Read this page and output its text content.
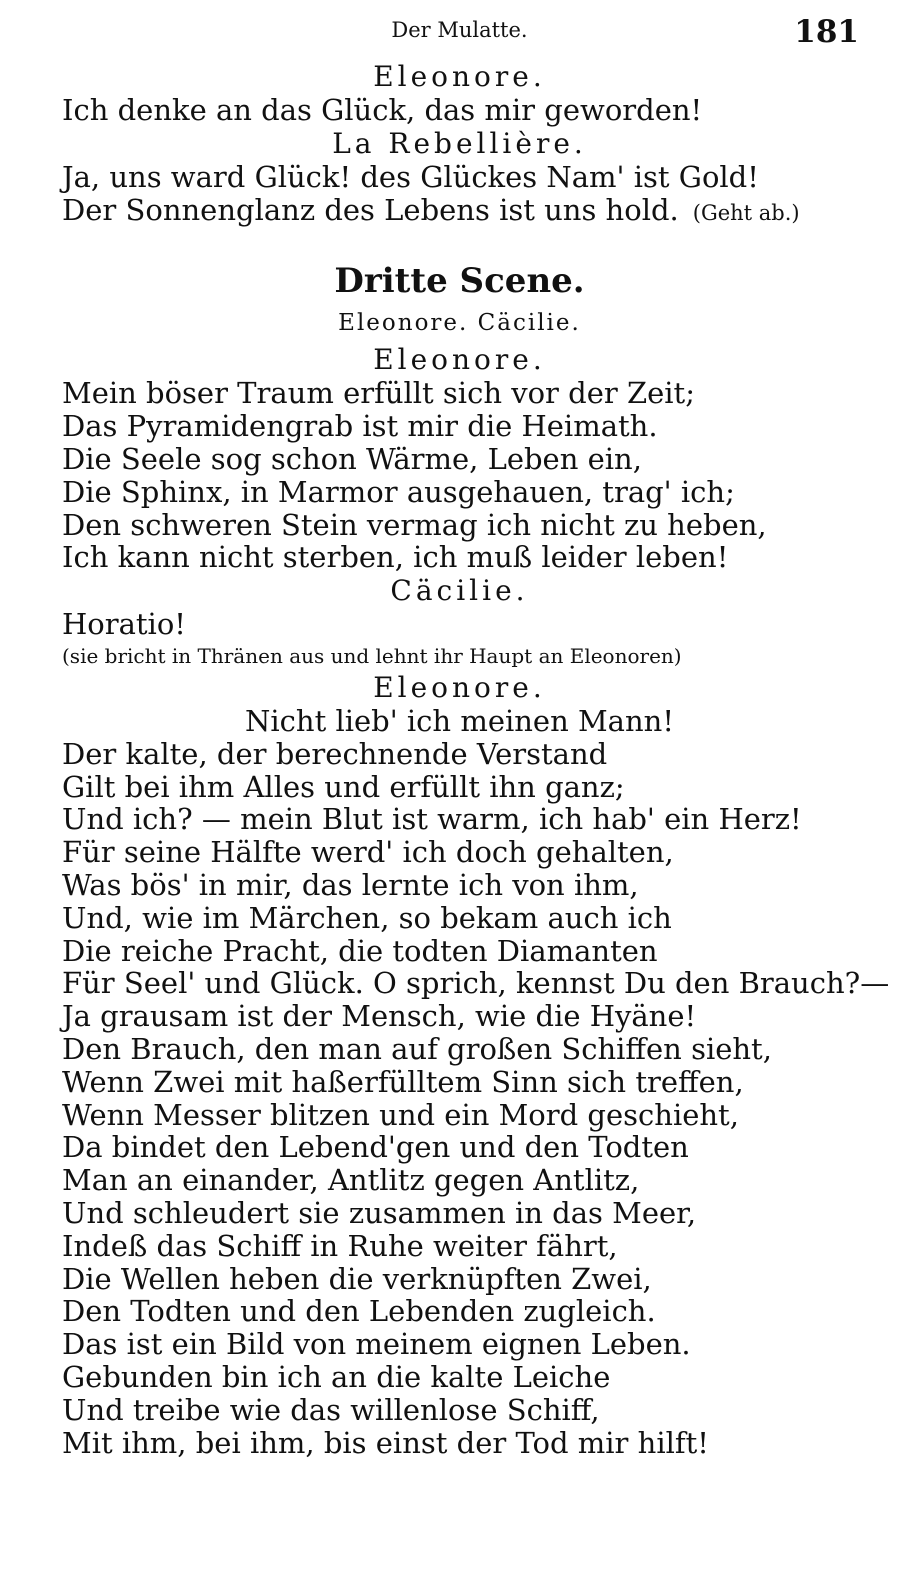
Der Mulatte.	181
Eleonore.
Ich denke an das Glück, das mir geworden!
La Rebellière.
Ja, uns ward Glück! des Glückes Nam' ist Gold!
Der Sonnenglanz des Lebens ist uns hold. (Geht ab.)
Dritte Scene.
Eleonore. Cäcilie.
Eleonore.
Mein böser Traum erfüllt sich vor der Zeit;
Das Pyramidengrab ist mir die Heimath.
Die Seele sog schon Wärme, Leben ein,
Die Sphinx, in Marmor ausgehauen, trag' ich;
Den schweren Stein vermag ich nicht zu heben,
Ich kann nicht sterben, ich muß leider leben!
Cäcilie.
Horatio!
(sie bricht in Thränen aus und lehnt ihr Haupt an Eleonoren)
Eleonore.
Nicht lieb' ich meinen Mann!
Der kalte, der berechnende Verstand
Gilt bei ihm Alles und erfüllt ihn ganz;
Und ich? — mein Blut ist warm, ich hab' ein Herz!
Für seine Hälfte werd' ich doch gehalten,
Was bös' in mir, das lernte ich von ihm,
Und, wie im Märchen, so bekam auch ich
Die reiche Pracht, die todten Diamanten
Für Seel' und Glück. O sprich, kennst Du den Brauch?—
Ja grausam ist der Mensch, wie die Hyäne!
Den Brauch, den man auf großen Schiffen sieht,
Wenn Zwei mit haßerfülltem Sinn sich treffen,
Wenn Messer blitzen und ein Mord geschieht,
Da bindet den Lebend'gen und den Todten
Man an einander, Antlitz gegen Antlitz,
Und schleudert sie zusammen in das Meer,
Indeß das Schiff in Ruhe weiter fährt,
Die Wellen heben die verknüpften Zwei,
Den Todten und den Lebenden zugleich.
Das ist ein Bild von meinem eignen Leben.
Gebunden bin ich an die kalte Leiche
Und treibe wie das willenlose Schiff,
Mit ihm, bei ihm, bis einst der Tod mir hilft!
